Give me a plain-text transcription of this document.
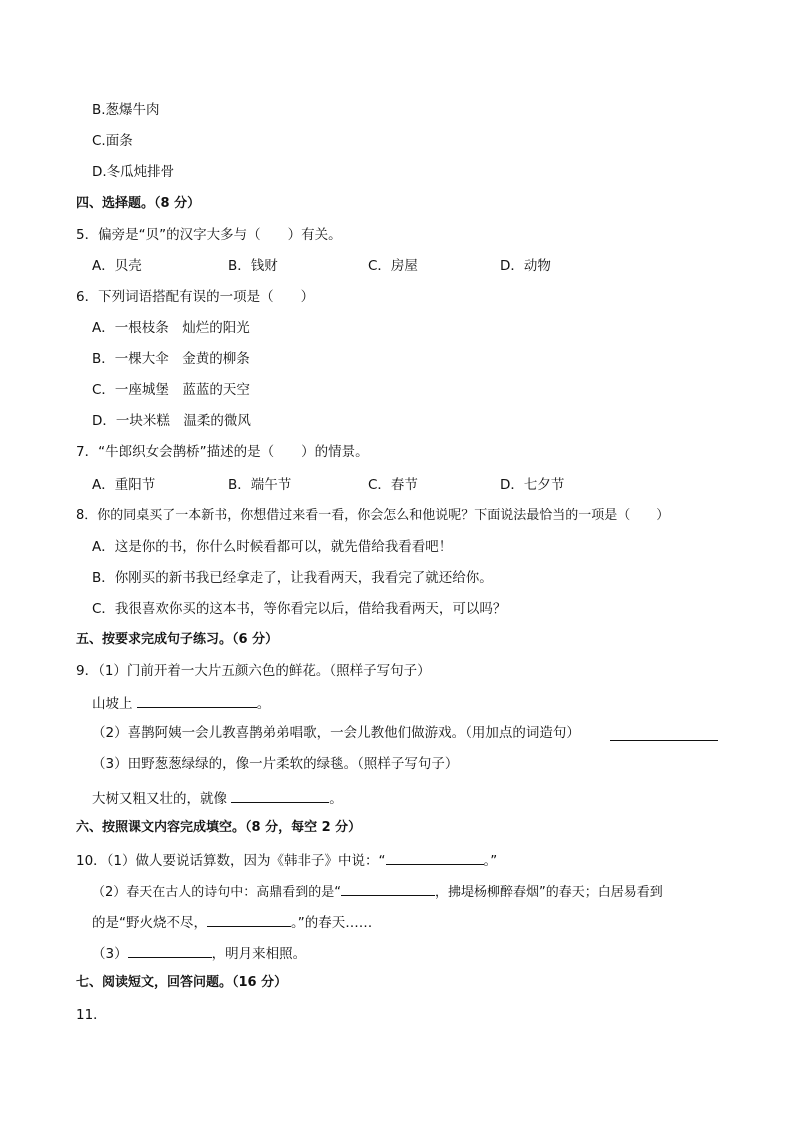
B.葱爆牛肉
C.面条
D.冬瓜炖排骨
四、选择题。（8 分）
5．偏旁是“贝”的汉字大多与（　　）有关。
A．贝壳	B．钱财	C．房屋	D．动物
6．下列词语搭配有误的一项是（　　）
A．一根枝条　灿烂的阳光
B．一棵大伞　金黄的柳条
C．一座城堡　蓝蓝的天空
D．一块米糕　温柔的微风
7．“牛郎织女会鹊桥”描述的是（　　）的情景。
A．重阳节	B．端午节	C．春节	D．七夕节
8．你的同桌买了一本新书，你想借过来看一看，你会怎么和他说呢？下面说法最恰当的一项是（　　）
A．这是你的书，你什么时候看都可以，就先借给我看看吧！
B．你刚买的新书我已经拿走了，让我看两天，我看完了就还给你。
C．我很喜欢你买的这本书，等你看完以后，借给我看两天，可以吗？
五、按要求完成句子练习。（6 分）
9．（1）门前开着一大片五颜六色的鲜花。（照样子写句子）
山坡上	。
（2）喜鹊阿姨一会儿教喜鹊弟弟唱歌，一会儿教他们做游戏。（用加点的词造句）
（3）田野葱葱绿绿的，像一片柔软的绿毯。（照样子写句子）
大树又粗又壮的，就像	。
六、按照课文内容完成填空。（8 分，每空 2 分）
10．（1）做人要说话算数，因为《韩非子》中说：“	。”
（2）春天在古人的诗句中：高鼎看到的是“	，拂堤杨柳醉春烟”的春天；白居易看到
的是“野火烧不尽，	。”的春天……
（3）	，明月来相照。
七、阅读短文，回答问题。（16 分）
11．
